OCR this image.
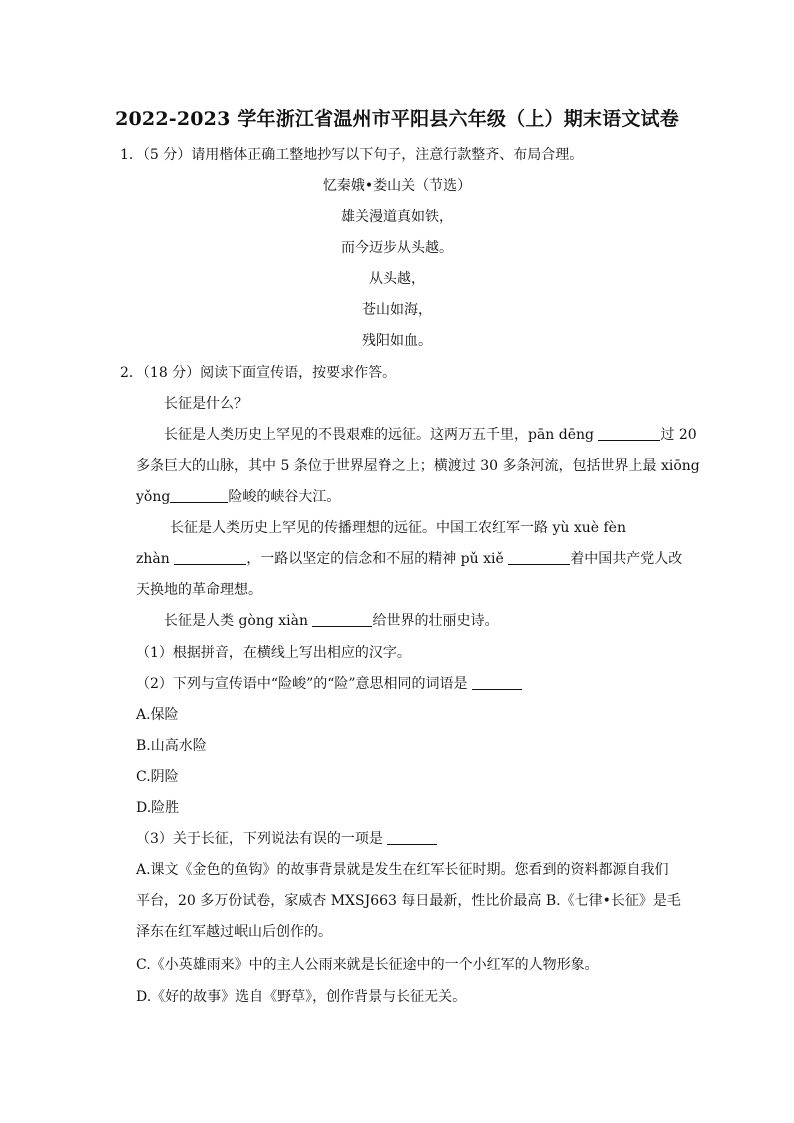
2022-2023 学年浙江省温州市平阳县六年级（上）期末语文试卷
1．（5 分）请用楷体正确工整地抄写以下句子，注意行款整齐、布局合理。
忆秦娥•娄山关（节选）
雄关漫道真如铁，
而今迈步从头越。
从头越，
苍山如海，
残阳如血。
2．（18 分）阅读下面宣传语，按要求作答。
长征是什么？
长征是人类历史上罕见的不畏艰难的远征。这两万五千里，pān dēng	过 20
多条巨大的山脉，其中 5 条位于世界屋脊之上；横渡过 30 多条河流，包括世界上最 xiōng
yǒng	险峻的峡谷大江。
长征是人类历史上罕见的传播理想的远征。中国工农红军一路 yù xuè fèn
zhàn	，一路以坚定的信念和不屈的精神 pǔ xiě	着中国共产党人改
天换地的革命理想。
长征是人类 gòng xiàn	给世界的壮丽史诗。
（1）根据拼音，在横线上写出相应的汉字。
（2）下列与宣传语中“险峻”的“险”意思相同的词语是
A.保险
B.山高水险
C.阴险
D.险胜
（3）关于长征，下列说法有误的一项是
A.课文《金色的鱼钩》的故事背景就是发生在红军长征时期。您看到的资料都源自我们
平台，20 多万份试卷，家威杏 MXSJ663 每日最新，性比价最高 B.《七律•长征》是毛
泽东在红军越过岷山后创作的。
C.《小英雄雨来》中的主人公雨来就是长征途中的一个小红军的人物形象。
D.《好的故事》选自《野草》，创作背景与长征无关。
